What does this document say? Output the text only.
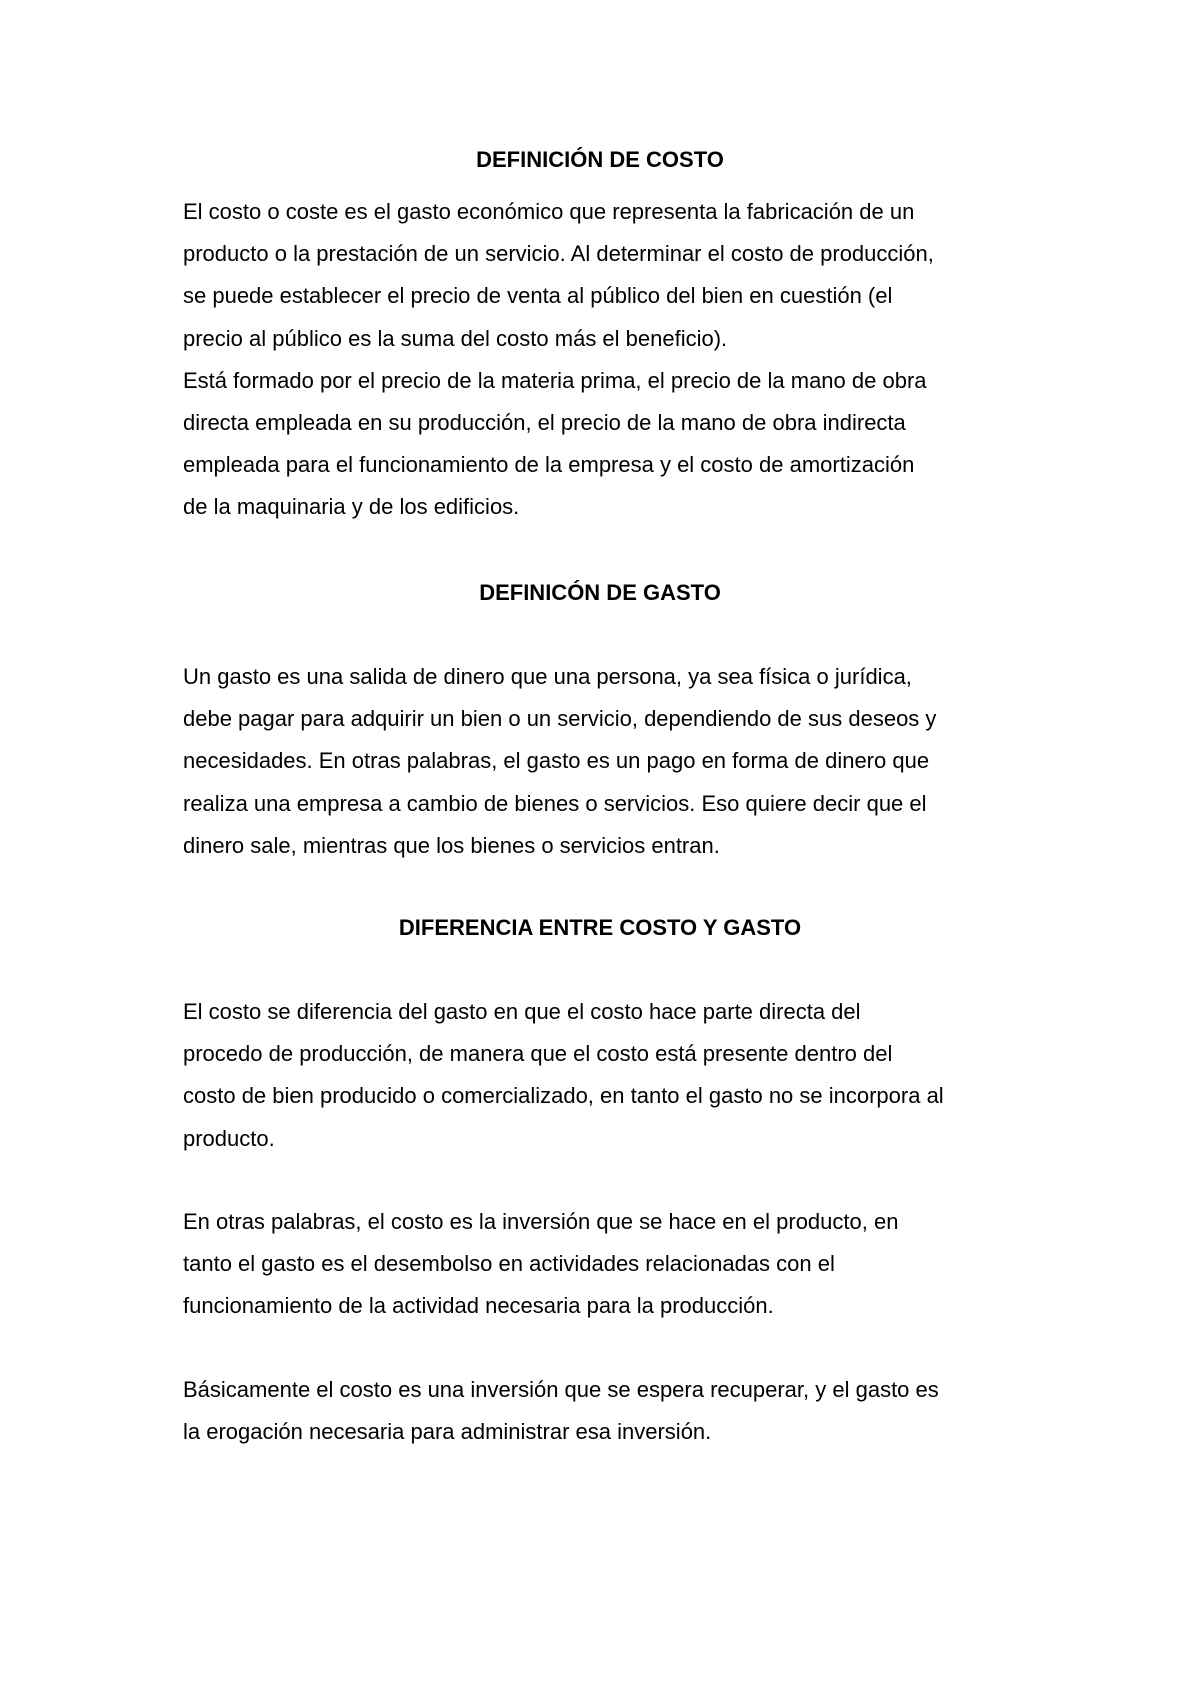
DEFINICIÓN DE COSTO

El costo o coste es el gasto económico que representa la fabricación de un
producto o la prestación de un servicio. Al determinar el costo de producción,
se puede establecer el precio de venta al público del bien en cuestión (el
precio al público es la suma del costo más el beneficio).
Está formado por el precio de la materia prima, el precio de la mano de obra
directa empleada en su producción, el precio de la mano de obra indirecta
empleada para el funcionamiento de la empresa y el costo de amortización
de la maquinaria y de los edificios.

DEFINICÓN DE GASTO

Un gasto es una salida de dinero que una persona, ya sea física o jurídica,
debe pagar para adquirir un bien o un servicio, dependiendo de sus deseos y
necesidades. En otras palabras, el gasto es un pago en forma de dinero que
realiza una empresa a cambio de bienes o servicios. Eso quiere decir que el
dinero sale, mientras que los bienes o servicios entran.

DIFERENCIA ENTRE COSTO Y GASTO

El costo se diferencia del gasto en que el costo hace parte directa del
procedo de producción, de manera que el costo está presente dentro del
costo de bien producido o comercializado, en tanto el gasto no se incorpora al
producto.

En otras palabras, el costo es la inversión que se hace en el producto, en
tanto el gasto es el desembolso en actividades relacionadas con el
funcionamiento de la actividad necesaria para la producción.

Básicamente el costo es una inversión que se espera recuperar, y el gasto es
la erogación necesaria para administrar esa inversión.
